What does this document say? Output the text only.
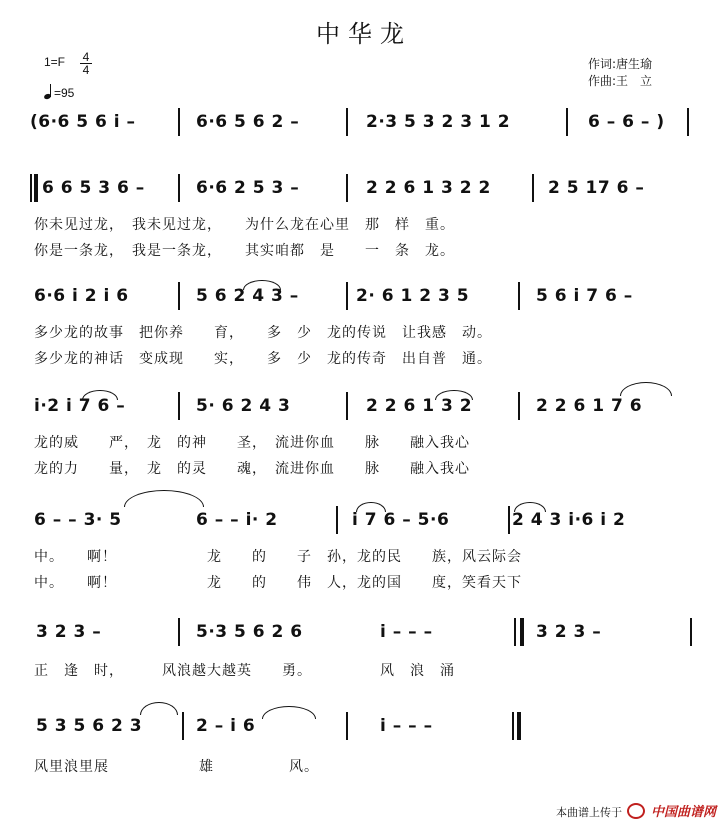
中华龙
$1=F \frac{4}{4}$
=95
作词:唐生瑜
作曲:王　立
(6·6 5 6 i –	6·6 5 6 2 –	2·3 5 3 2 3 1 2	6 – 6 – )
6 6 5 3 6 –	6·6 2 5 3 –	2 2 6 1 3 2 2	2 5 17 6 –
你未见过龙，　我未见过龙，　　为什么龙在心里　那　样　重。
你是一条龙，　我是一条龙，　　其实咱都　是　　一　条　龙。
6·6 i 2 i 6	5 6 2 4 3 –	2· 6 1 2 3 5	5 6 i 7 6 –
多少龙的故事　把你养　　育，　　多　少　龙的传说　让我感　动。
多少龙的神话　变成现　　实，　　多　少　龙的传奇　出自普　通。
i·2 i 7 6 –	5· 6 2 4 3	2 2 6 1 3 2	2 2 6 1 7 6
龙的威　　严，　龙　的神　　圣，　流进你血　　脉　　融入我心
龙的力　　量，　龙　的灵　　魂，　流进你血　　脉　　融入我心
6 – – 3· 5	6 – – i· 2	i 7 6 – 5·6	2 4 3 i·6 i 2
中。　　啊！　　　　　　龙　　的　　子　孙，龙的民　　族，风云际会
中。　　啊！　　　　　　龙　　的　　伟　人，龙的国　　度，笑看天下
3 2 3 –	5·3 5 6 2 6	i – – –	3 2 3 –
正　逢　时，　　　风浪越大越英　　勇。　　　　　风　浪　涌
5 3 5 6 2 3	2 – i 6	i – – –
风里浪里展　　　　　　雄　　　　　风。
本曲谱上传于 中国曲谱网
